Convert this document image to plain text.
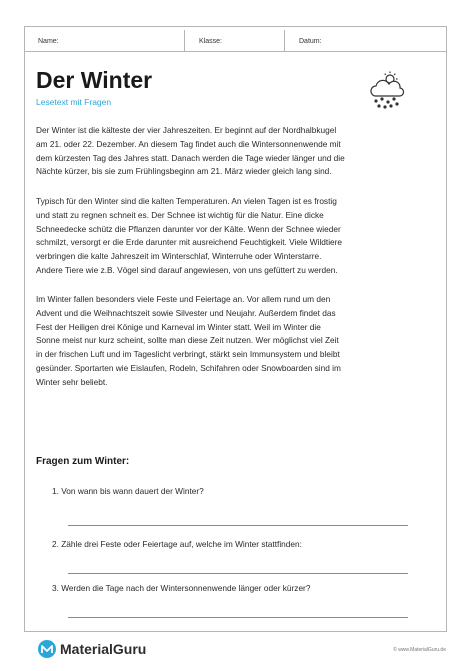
Name:	Klasse:	Datum:
Der Winter
Lesetext mit Fragen
Der Winter ist die kälteste der vier Jahreszeiten. Er beginnt auf der Nordhalbkugel
am 21. oder 22. Dezember. An diesem Tag findet auch die Wintersonnenwende mit
dem kürzesten Tag des Jahres statt. Danach werden die Tage wieder länger und die
Nächte kürzer, bis sie zum Frühlingsbeginn am 21. März wieder gleich lang sind.
Typisch für den Winter sind die kalten Temperaturen. An vielen Tagen ist es frostig
und statt zu regnen schneit es. Der Schnee ist wichtig für die Natur. Eine dicke
Schneedecke schütz die Pflanzen darunter vor der Kälte. Wenn der Schnee wieder
schmilzt, versorgt er die Erde darunter mit ausreichend Feuchtigkeit. Viele Wildtiere
verbringen die kalte Jahreszeit im Winterschlaf, Winterruhe oder Winterstarre.
Andere Tiere wie z.B. Vögel sind darauf angewiesen, von uns gefüttert zu werden.
Im Winter fallen besonders viele Feste und Feiertage an. Vor allem rund um den
Advent und die Weihnachtszeit sowie Silvester und Neujahr. Außerdem findet das
Fest der Heiligen drei Könige und Karneval im Winter statt. Weil im Winter die
Sonne meist nur kurz scheint, sollte man diese Zeit nutzen. Wer möglichst viel Zeit
in der frischen Luft und im Tageslicht verbringt, stärkt sein Immunsystem und bleibt
gesünder. Sportarten wie Eislaufen, Rodeln, Schifahren oder Snowboarden sind im
Winter sehr beliebt.
Fragen zum Winter:
1. Von wann bis wann dauert der Winter?
2. Zähle drei Feste oder Feiertage auf, welche im Winter stattfinden:
3. Werden die Tage nach der Wintersonnenwende länger oder kürzer?
MaterialGuru	© www.MaterialGuru.de
